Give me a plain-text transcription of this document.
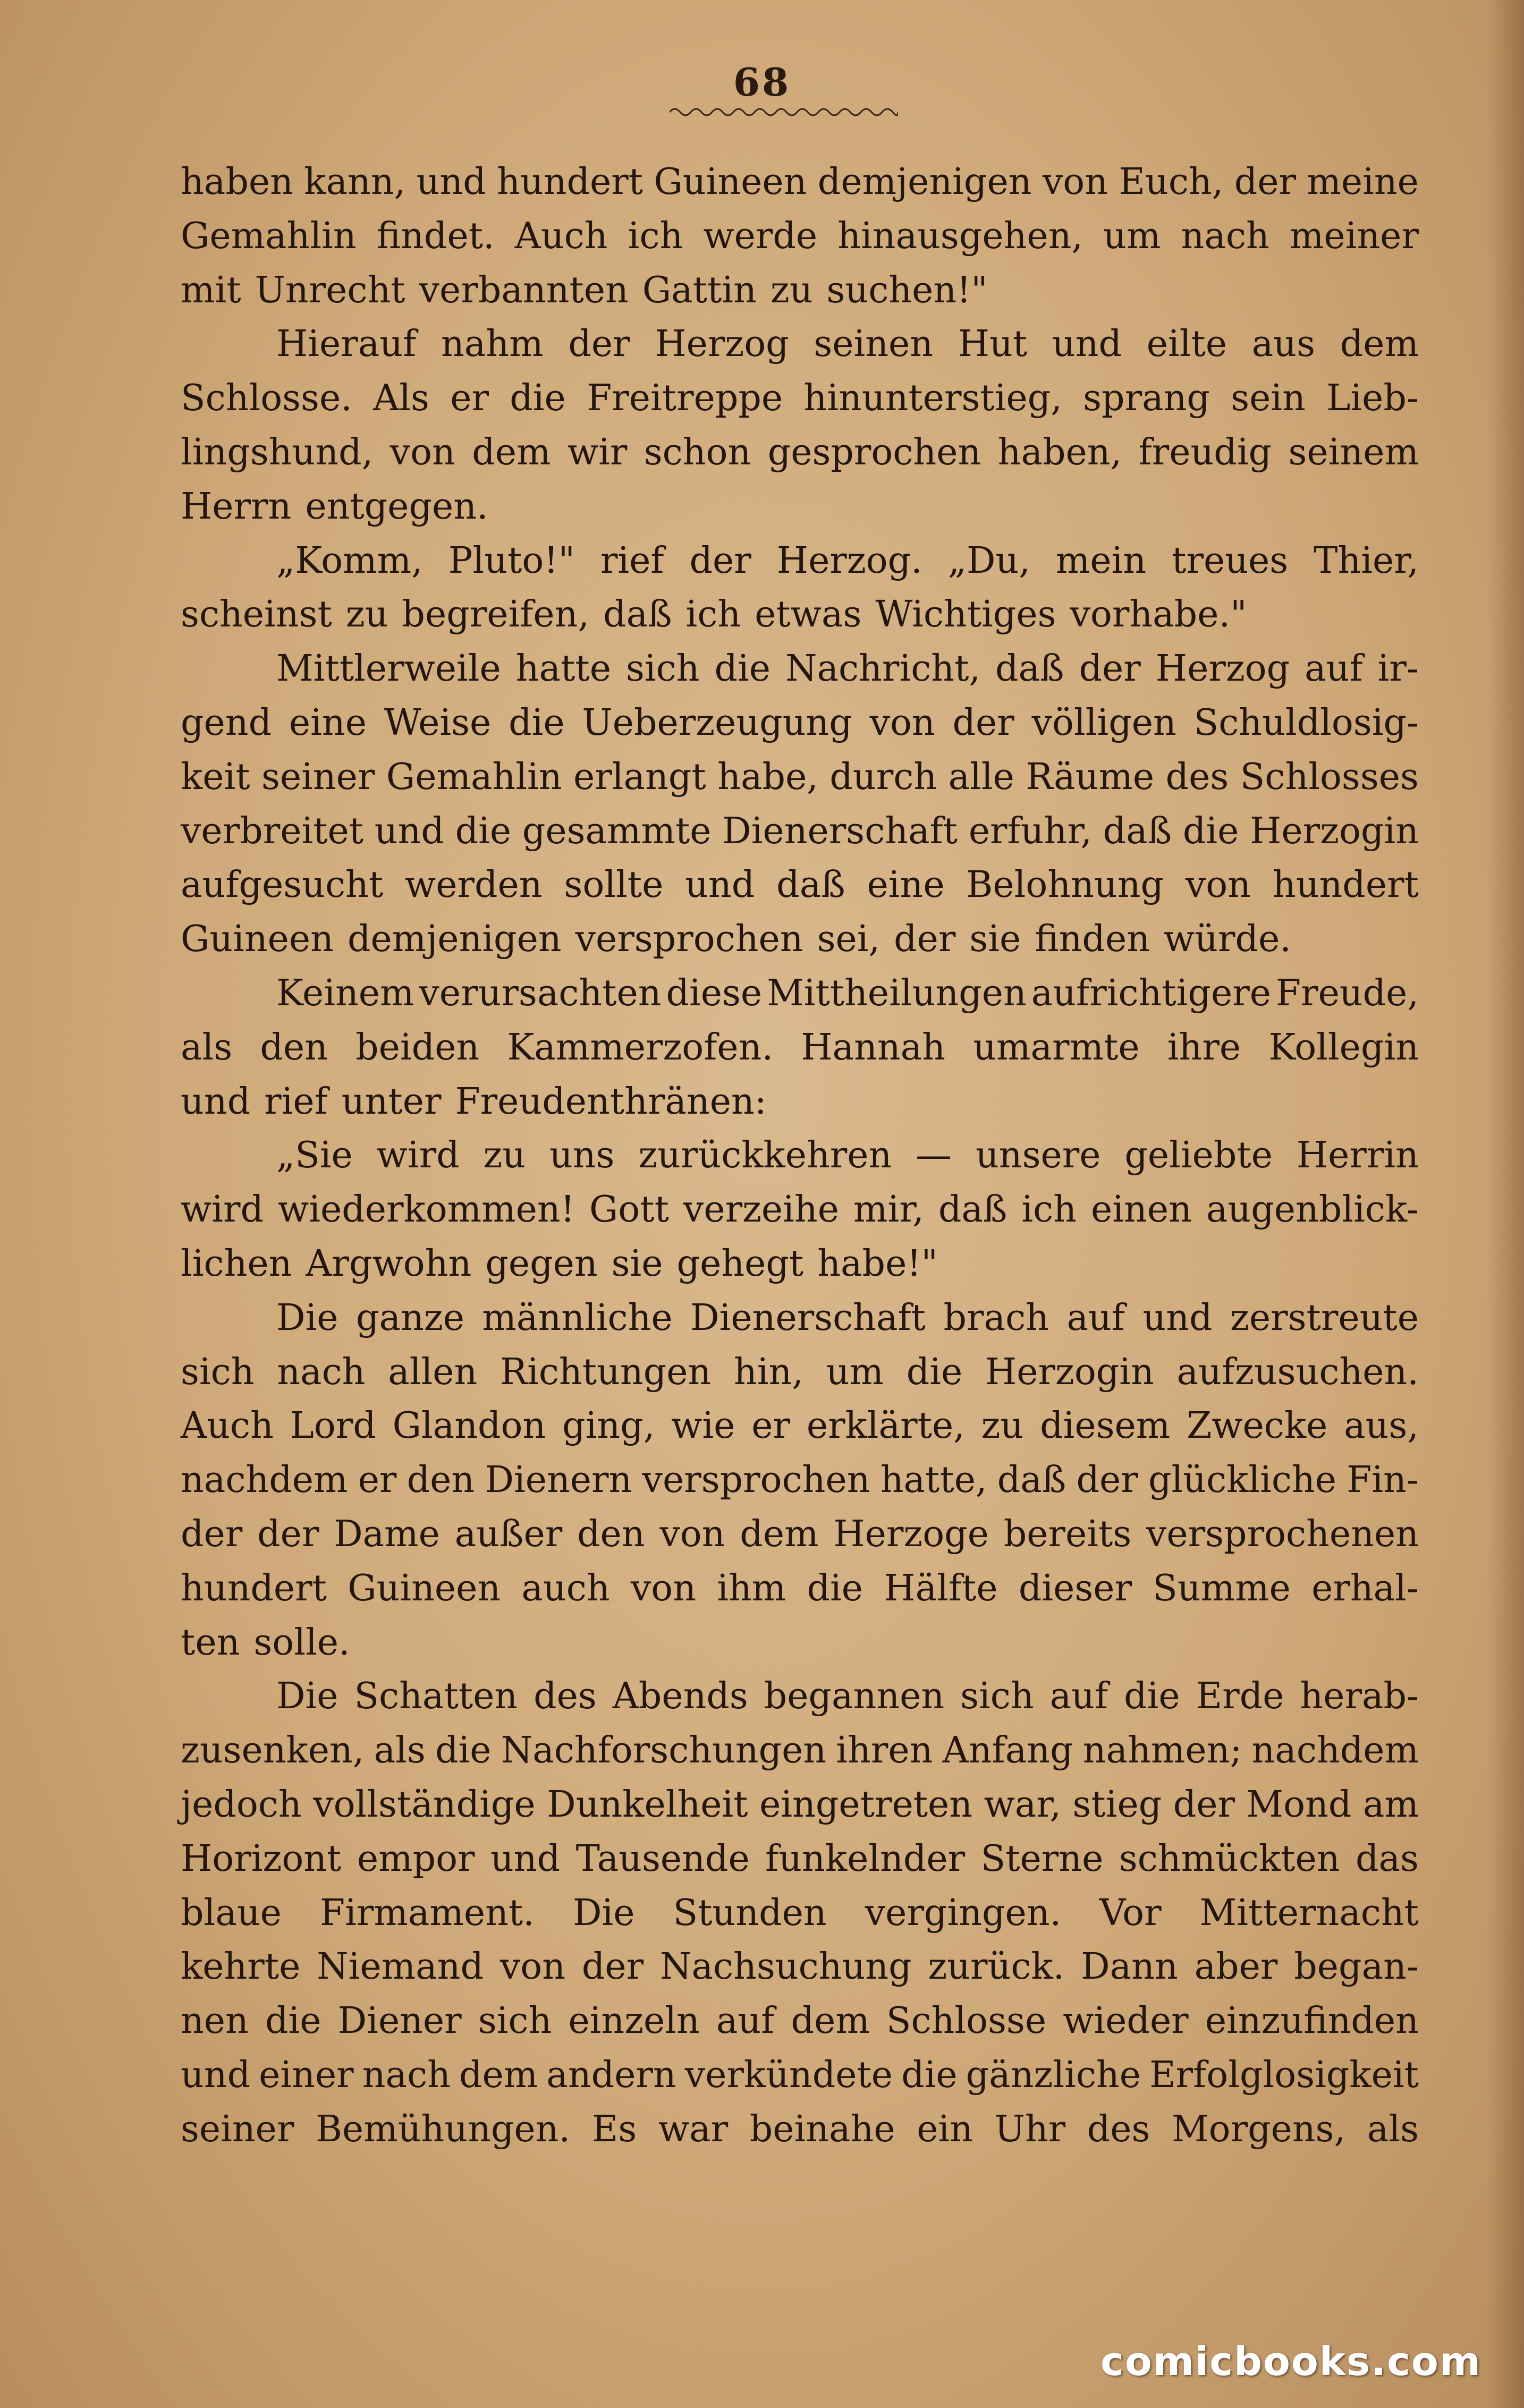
68
haben kann, und hundert Guineen demjenigen von Euch, der meine
Gemahlin findet. Auch ich werde hinausgehen, um nach meiner
mit Unrecht verbannten Gattin zu suchen!"
Hierauf nahm der Herzog seinen Hut und eilte aus dem
Schlosse. Als er die Freitreppe hinunterstieg, sprang sein Lieb-
lingshund, von dem wir schon gesprochen haben, freudig seinem
Herrn entgegen.
„Komm, Pluto!" rief der Herzog. „Du, mein treues Thier,
scheinst zu begreifen, daß ich etwas Wichtiges vorhabe."
Mittlerweile hatte sich die Nachricht, daß der Herzog auf ir-
gend eine Weise die Ueberzeugung von der völligen Schuldlosig-
keit seiner Gemahlin erlangt habe, durch alle Räume des Schlosses
verbreitet und die gesammte Dienerschaft erfuhr, daß die Herzogin
aufgesucht werden sollte und daß eine Belohnung von hundert
Guineen demjenigen versprochen sei, der sie finden würde.
Keinem verursachten diese Mittheilungen aufrichtigere Freude,
als den beiden Kammerzofen. Hannah umarmte ihre Kollegin
und rief unter Freudenthränen:
„Sie wird zu uns zurückkehren — unsere geliebte Herrin
wird wiederkommen! Gott verzeihe mir, daß ich einen augenblick-
lichen Argwohn gegen sie gehegt habe!"
Die ganze männliche Dienerschaft brach auf und zerstreute
sich nach allen Richtungen hin, um die Herzogin aufzusuchen.
Auch Lord Glandon ging, wie er erklärte, zu diesem Zwecke aus,
nachdem er den Dienern versprochen hatte, daß der glückliche Fin-
der der Dame außer den von dem Herzoge bereits versprochenen
hundert Guineen auch von ihm die Hälfte dieser Summe erhal-
ten solle.
Die Schatten des Abends begannen sich auf die Erde herab-
zusenken, als die Nachforschungen ihren Anfang nahmen; nachdem
jedoch vollständige Dunkelheit eingetreten war, stieg der Mond am
Horizont empor und Tausende funkelnder Sterne schmückten das
blaue Firmament. Die Stunden vergingen. Vor Mitternacht
kehrte Niemand von der Nachsuchung zurück. Dann aber began-
nen die Diener sich einzeln auf dem Schlosse wieder einzufinden
und einer nach dem andern verkündete die gänzliche Erfolglosigkeit
seiner Bemühungen. Es war beinahe ein Uhr des Morgens, als
comicbooks.com
